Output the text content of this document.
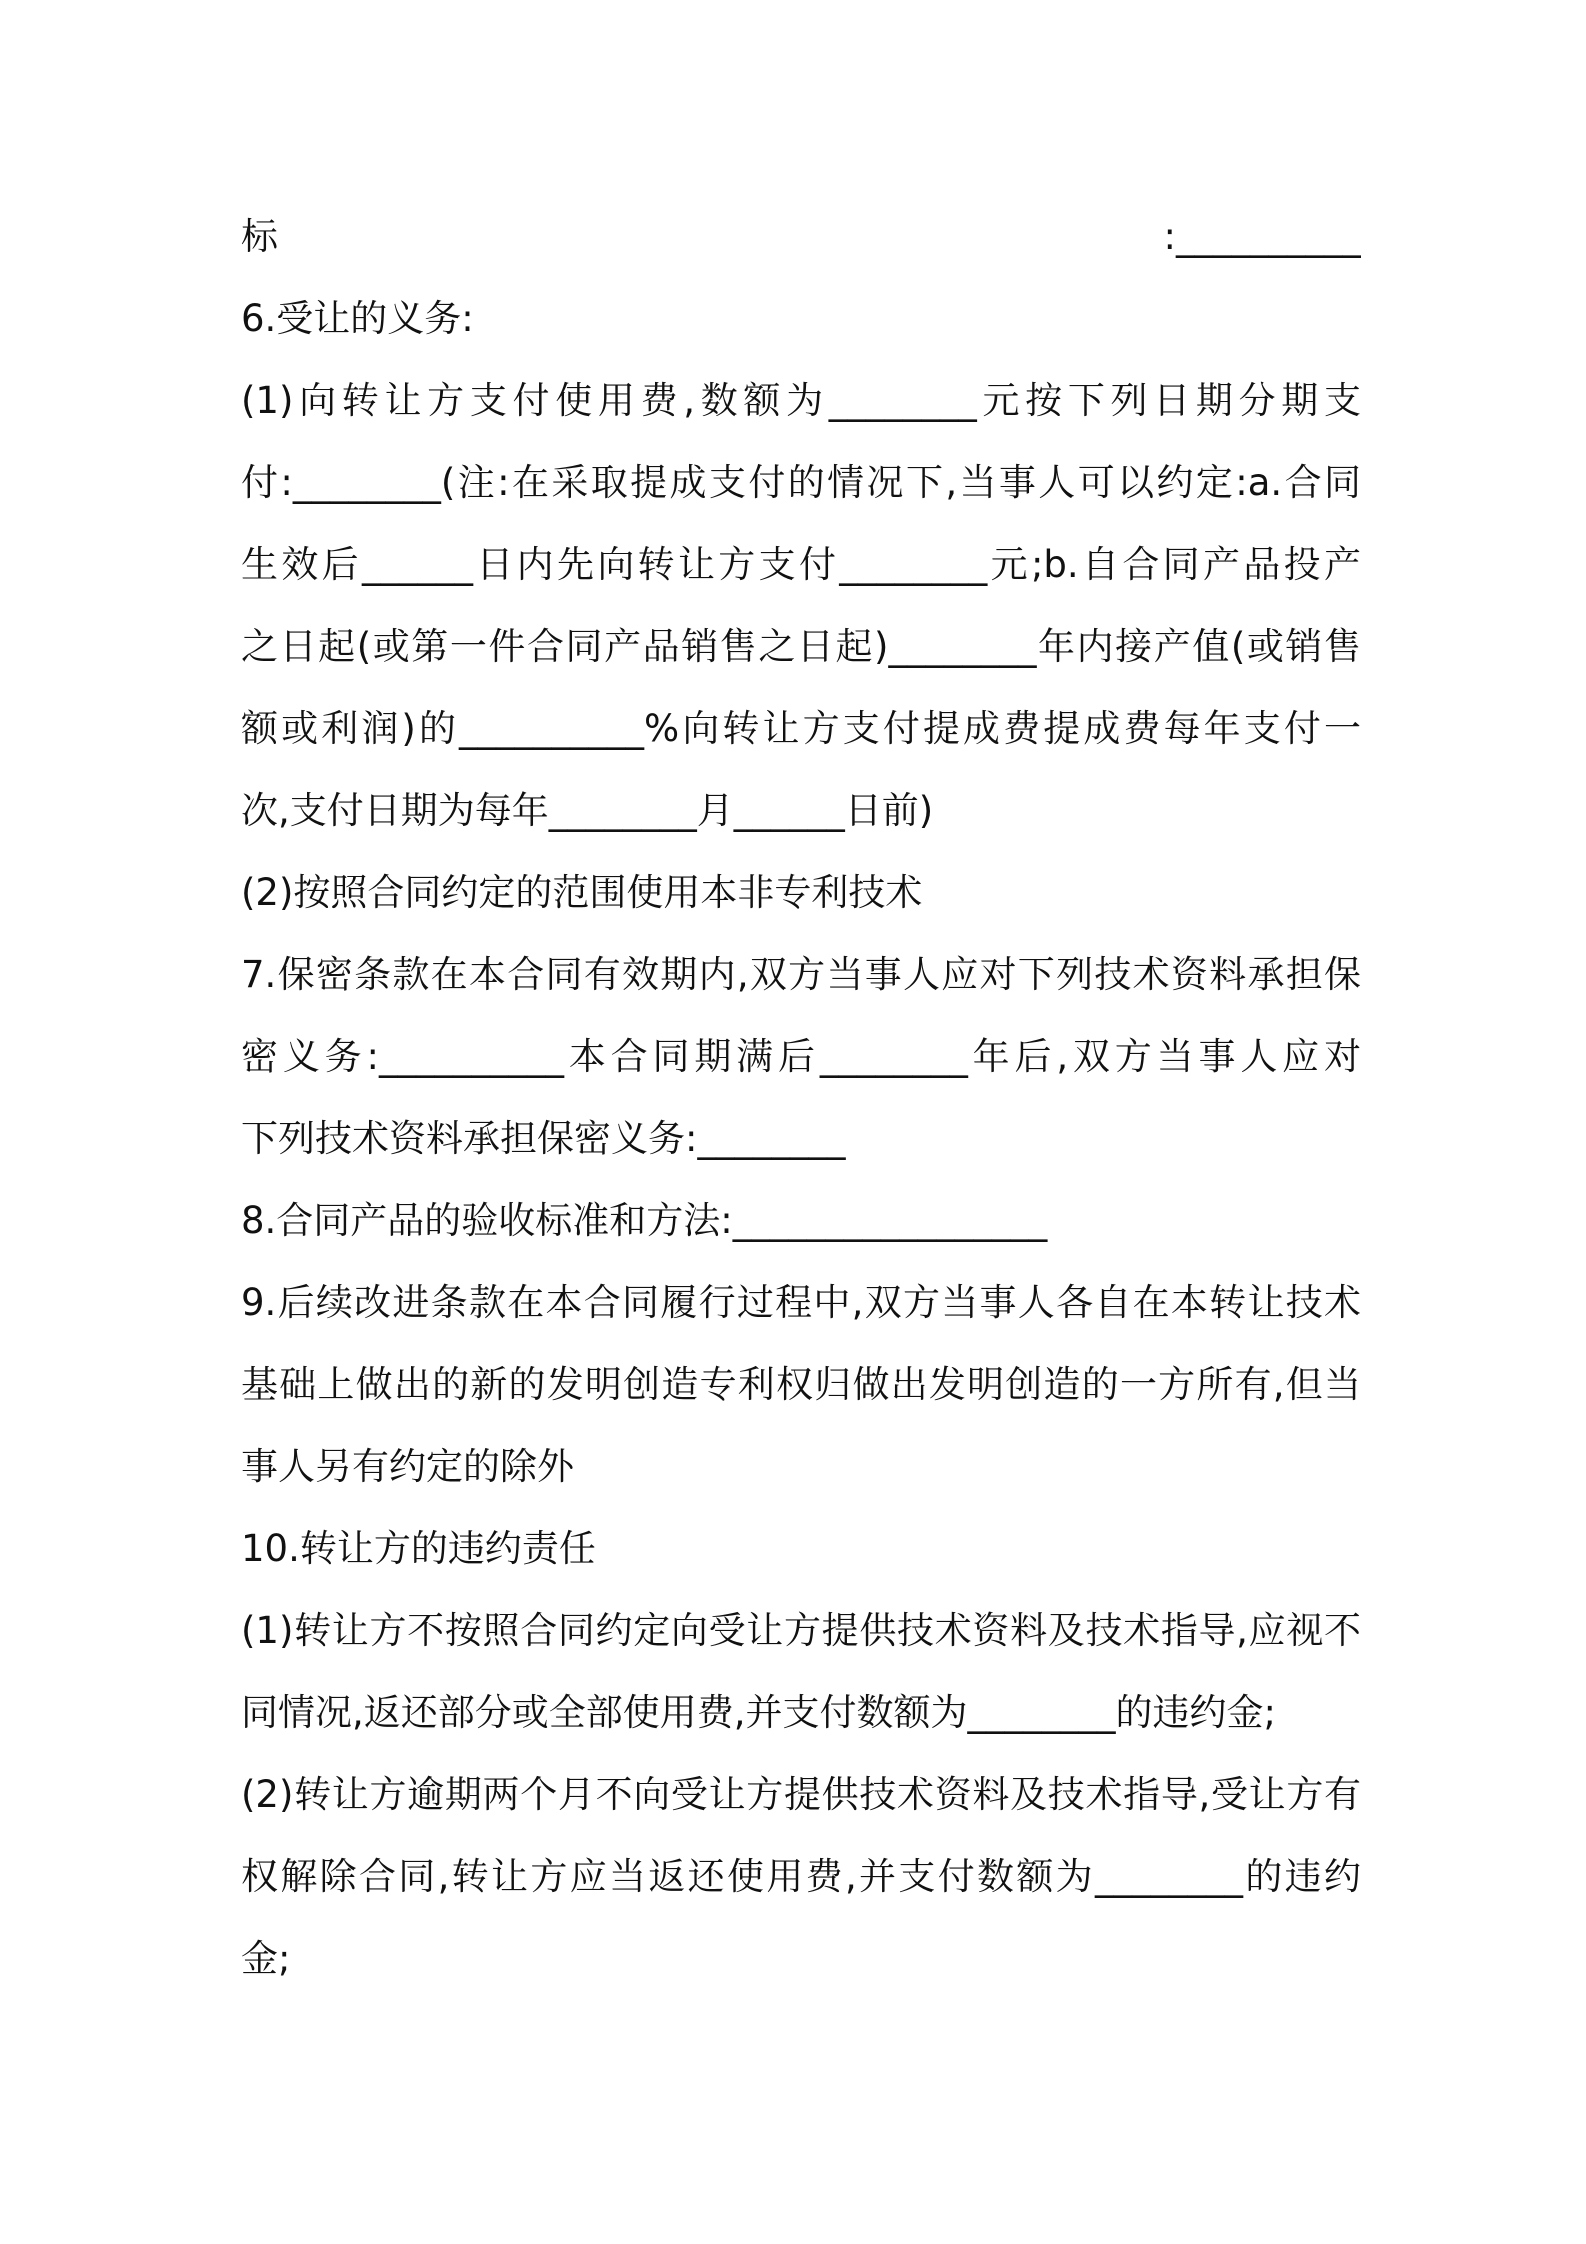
标:__________
6.受让的义务:
(1)向转让方支付使用费,数额为________元按下列日期分期支
付:________(注:在采取提成支付的情况下,当事人可以约定:a.合同
生效后______日内先向转让方支付________元;b.自合同产品投产
之日起(或第一件合同产品销售之日起)________年内接产值(或销售
额或利润)的__________%向转让方支付提成费提成费每年支付一
次,支付日期为每年________月______日前)
(2)按照合同约定的范围使用本非专利技术
7.保密条款在本合同有效期内,双方当事人应对下列技术资料承担保
密义务:__________本合同期满后________年后,双方当事人应对
下列技术资料承担保密义务:________
8.合同产品的验收标准和方法:_________________
9.后续改进条款在本合同履行过程中,双方当事人各自在本转让技术
基础上做出的新的发明创造专利权归做出发明创造的一方所有,但当
事人另有约定的除外
10.转让方的违约责任
(1)转让方不按照合同约定向受让方提供技术资料及技术指导,应视不
同情况,返还部分或全部使用费,并支付数额为________的违约金;
(2)转让方逾期两个月不向受让方提供技术资料及技术指导,受让方有
权解除合同,转让方应当返还使用费,并支付数额为________的违约
金;
